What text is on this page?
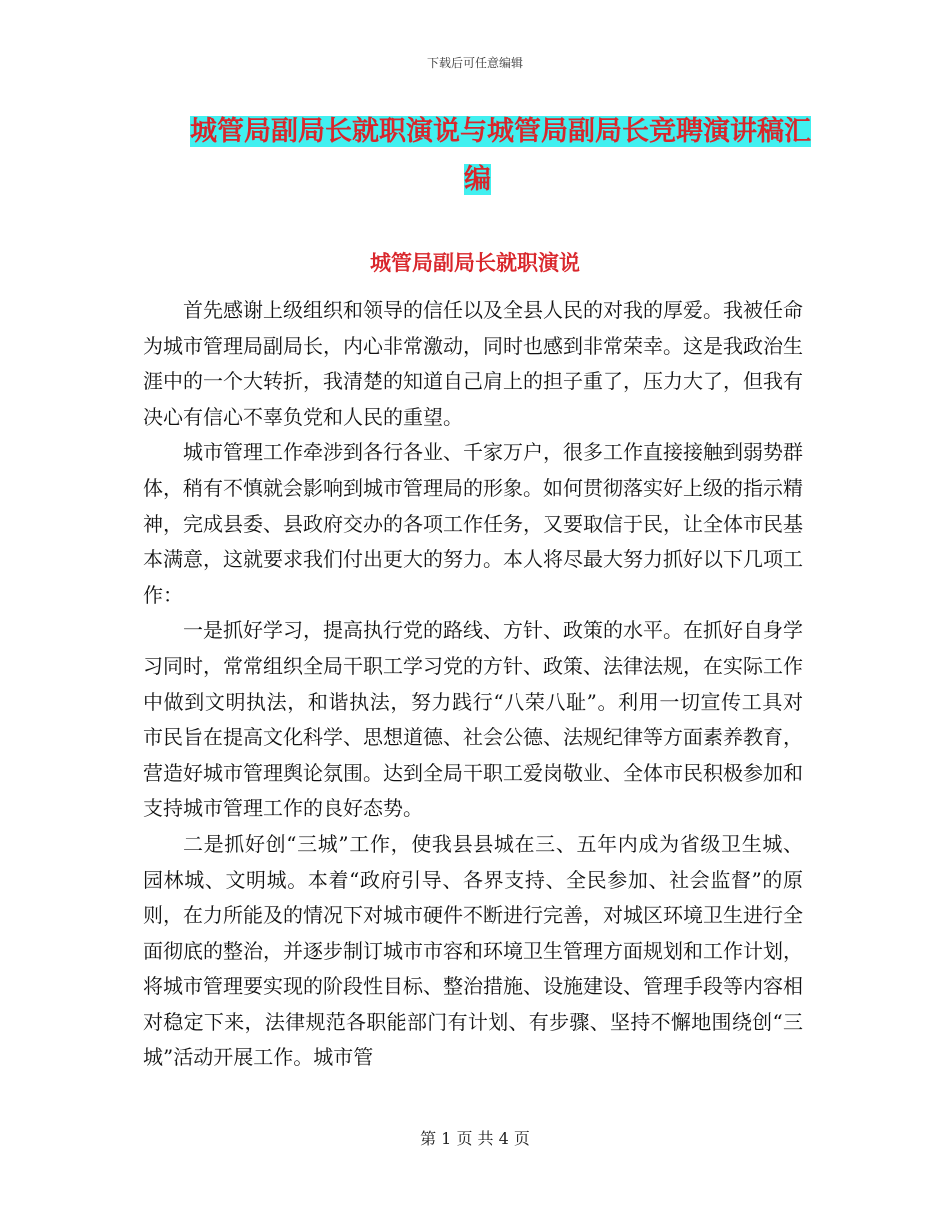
下载后可任意编辑
城管局副局长就职演说与城管局副局长竞聘演讲稿汇
编
城管局副局长就职演说

首先感谢上级组织和领导的信任以及全县人民的对我的厚爱。我被任命为城市管理局副局长，内心非常激动，同时也感到非常荣幸。这是我政治生涯中的一个大转折，我清楚的知道自己肩上的担子重了，压力大了，但我有决心有信心不辜负党和人民的重望。

城市管理工作牵涉到各行各业、千家万户，很多工作直接接触到弱势群体，稍有不慎就会影响到城市管理局的形象。如何贯彻落实好上级的指示精神，完成县委、县政府交办的各项工作任务，又要取信于民，让全体市民基本满意，这就要求我们付出更大的努力。本人将尽最大努力抓好以下几项工作：

一是抓好学习，提高执行党的路线、方针、政策的水平。在抓好自身学习同时，常常组织全局干职工学习党的方针、政策、法律法规，在实际工作中做到文明执法，和谐执法，努力践行“八荣八耻”。利用一切宣传工具对市民旨在提高文化科学、思想道德、社会公德、法规纪律等方面素养教育，营造好城市管理舆论氛围。达到全局干职工爱岗敬业、全体市民积极参加和支持城市管理工作的良好态势。

二是抓好创“三城”工作，使我县县城在三、五年内成为省级卫生城、园林城、文明城。本着“政府引导、各界支持、全民参加、社会监督”的原则，在力所能及的情况下对城市硬件不断进行完善，对城区环境卫生进行全面彻底的整治，并逐步制订城市市容和环境卫生管理方面规划和工作计划，将城市管理要实现的阶段性目标、整治措施、设施建设、管理手段等内容相对稳定下来，法律规范各职能部门有计划、有步骤、坚持不懈地围绕创“三城”活动开展工作。城市管

第 1 页 共 4 页
